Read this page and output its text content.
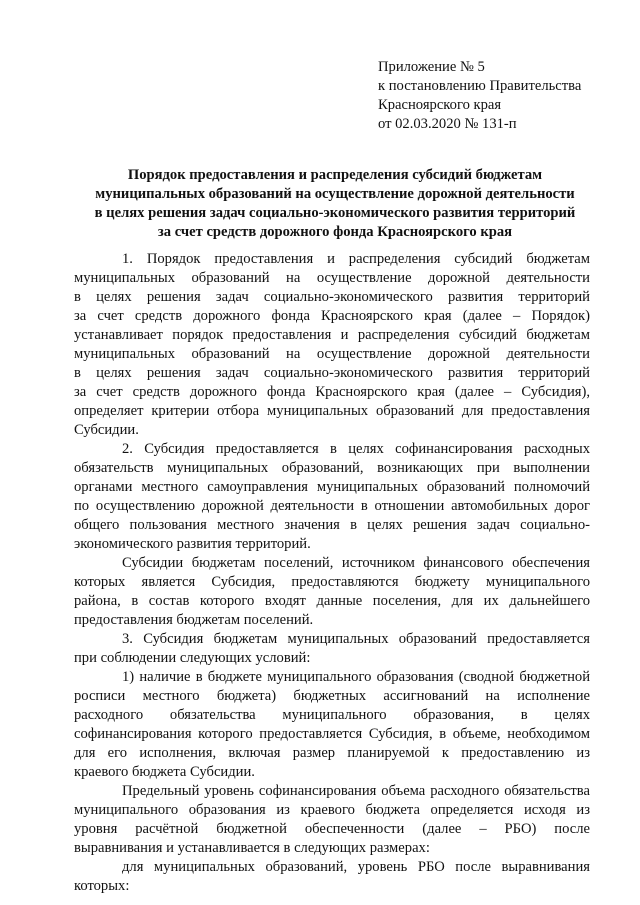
Приложение № 5
к постановлению Правительства
Красноярского края
от 02.03.2020 № 131-п
Порядок предоставления и распределения субсидий бюджетам
муниципальных образований на осуществление дорожной деятельности
в целях решения задач социально-экономического развития территорий
за счет средств дорожного фонда Красноярского края
1. Порядок предоставления и распределения субсидий бюджетам
муниципальных образований на осуществление дорожной деятельности
в целях решения задач социально-экономического развития территорий
за счет средств дорожного фонда Красноярского края (далее – Порядок)
устанавливает порядок предоставления и распределения субсидий бюджетам
муниципальных образований на осуществление дорожной деятельности
в целях решения задач социально-экономического развития территорий
за счет средств дорожного фонда Красноярского края (далее – Субсидия),
определяет критерии отбора муниципальных образований для предоставления
Субсидии.
2. Субсидия предоставляется в целях софинансирования расходных
обязательств муниципальных образований, возникающих при выполнении
органами местного самоуправления муниципальных образований полномочий
по осуществлению дорожной деятельности в отношении автомобильных дорог
общего пользования местного значения в целях решения задач социально-
экономического развития территорий.
Субсидии бюджетам поселений, источником финансового обеспечения
которых является Субсидия, предоставляются бюджету муниципального
района, в состав которого входят данные поселения, для их дальнейшего
предоставления бюджетам поселений.
3. Субсидия бюджетам муниципальных образований предоставляется
при соблюдении следующих условий:
1) наличие в бюджете муниципального образования (сводной бюджетной
росписи местного бюджета) бюджетных ассигнований на исполнение
расходного обязательства муниципального образования, в целях
софинансирования которого предоставляется Субсидия, в объеме, необходимом
для его исполнения, включая размер планируемой к предоставлению из
краевого бюджета Субсидии.
Предельный уровень софинансирования объема расходного обязательства
муниципального образования из краевого бюджета определяется исходя из
уровня расчётной бюджетной обеспеченности (далее – РБО) после
выравнивания и устанавливается в следующих размерах:
для муниципальных образований, уровень РБО после выравнивания
которых:
